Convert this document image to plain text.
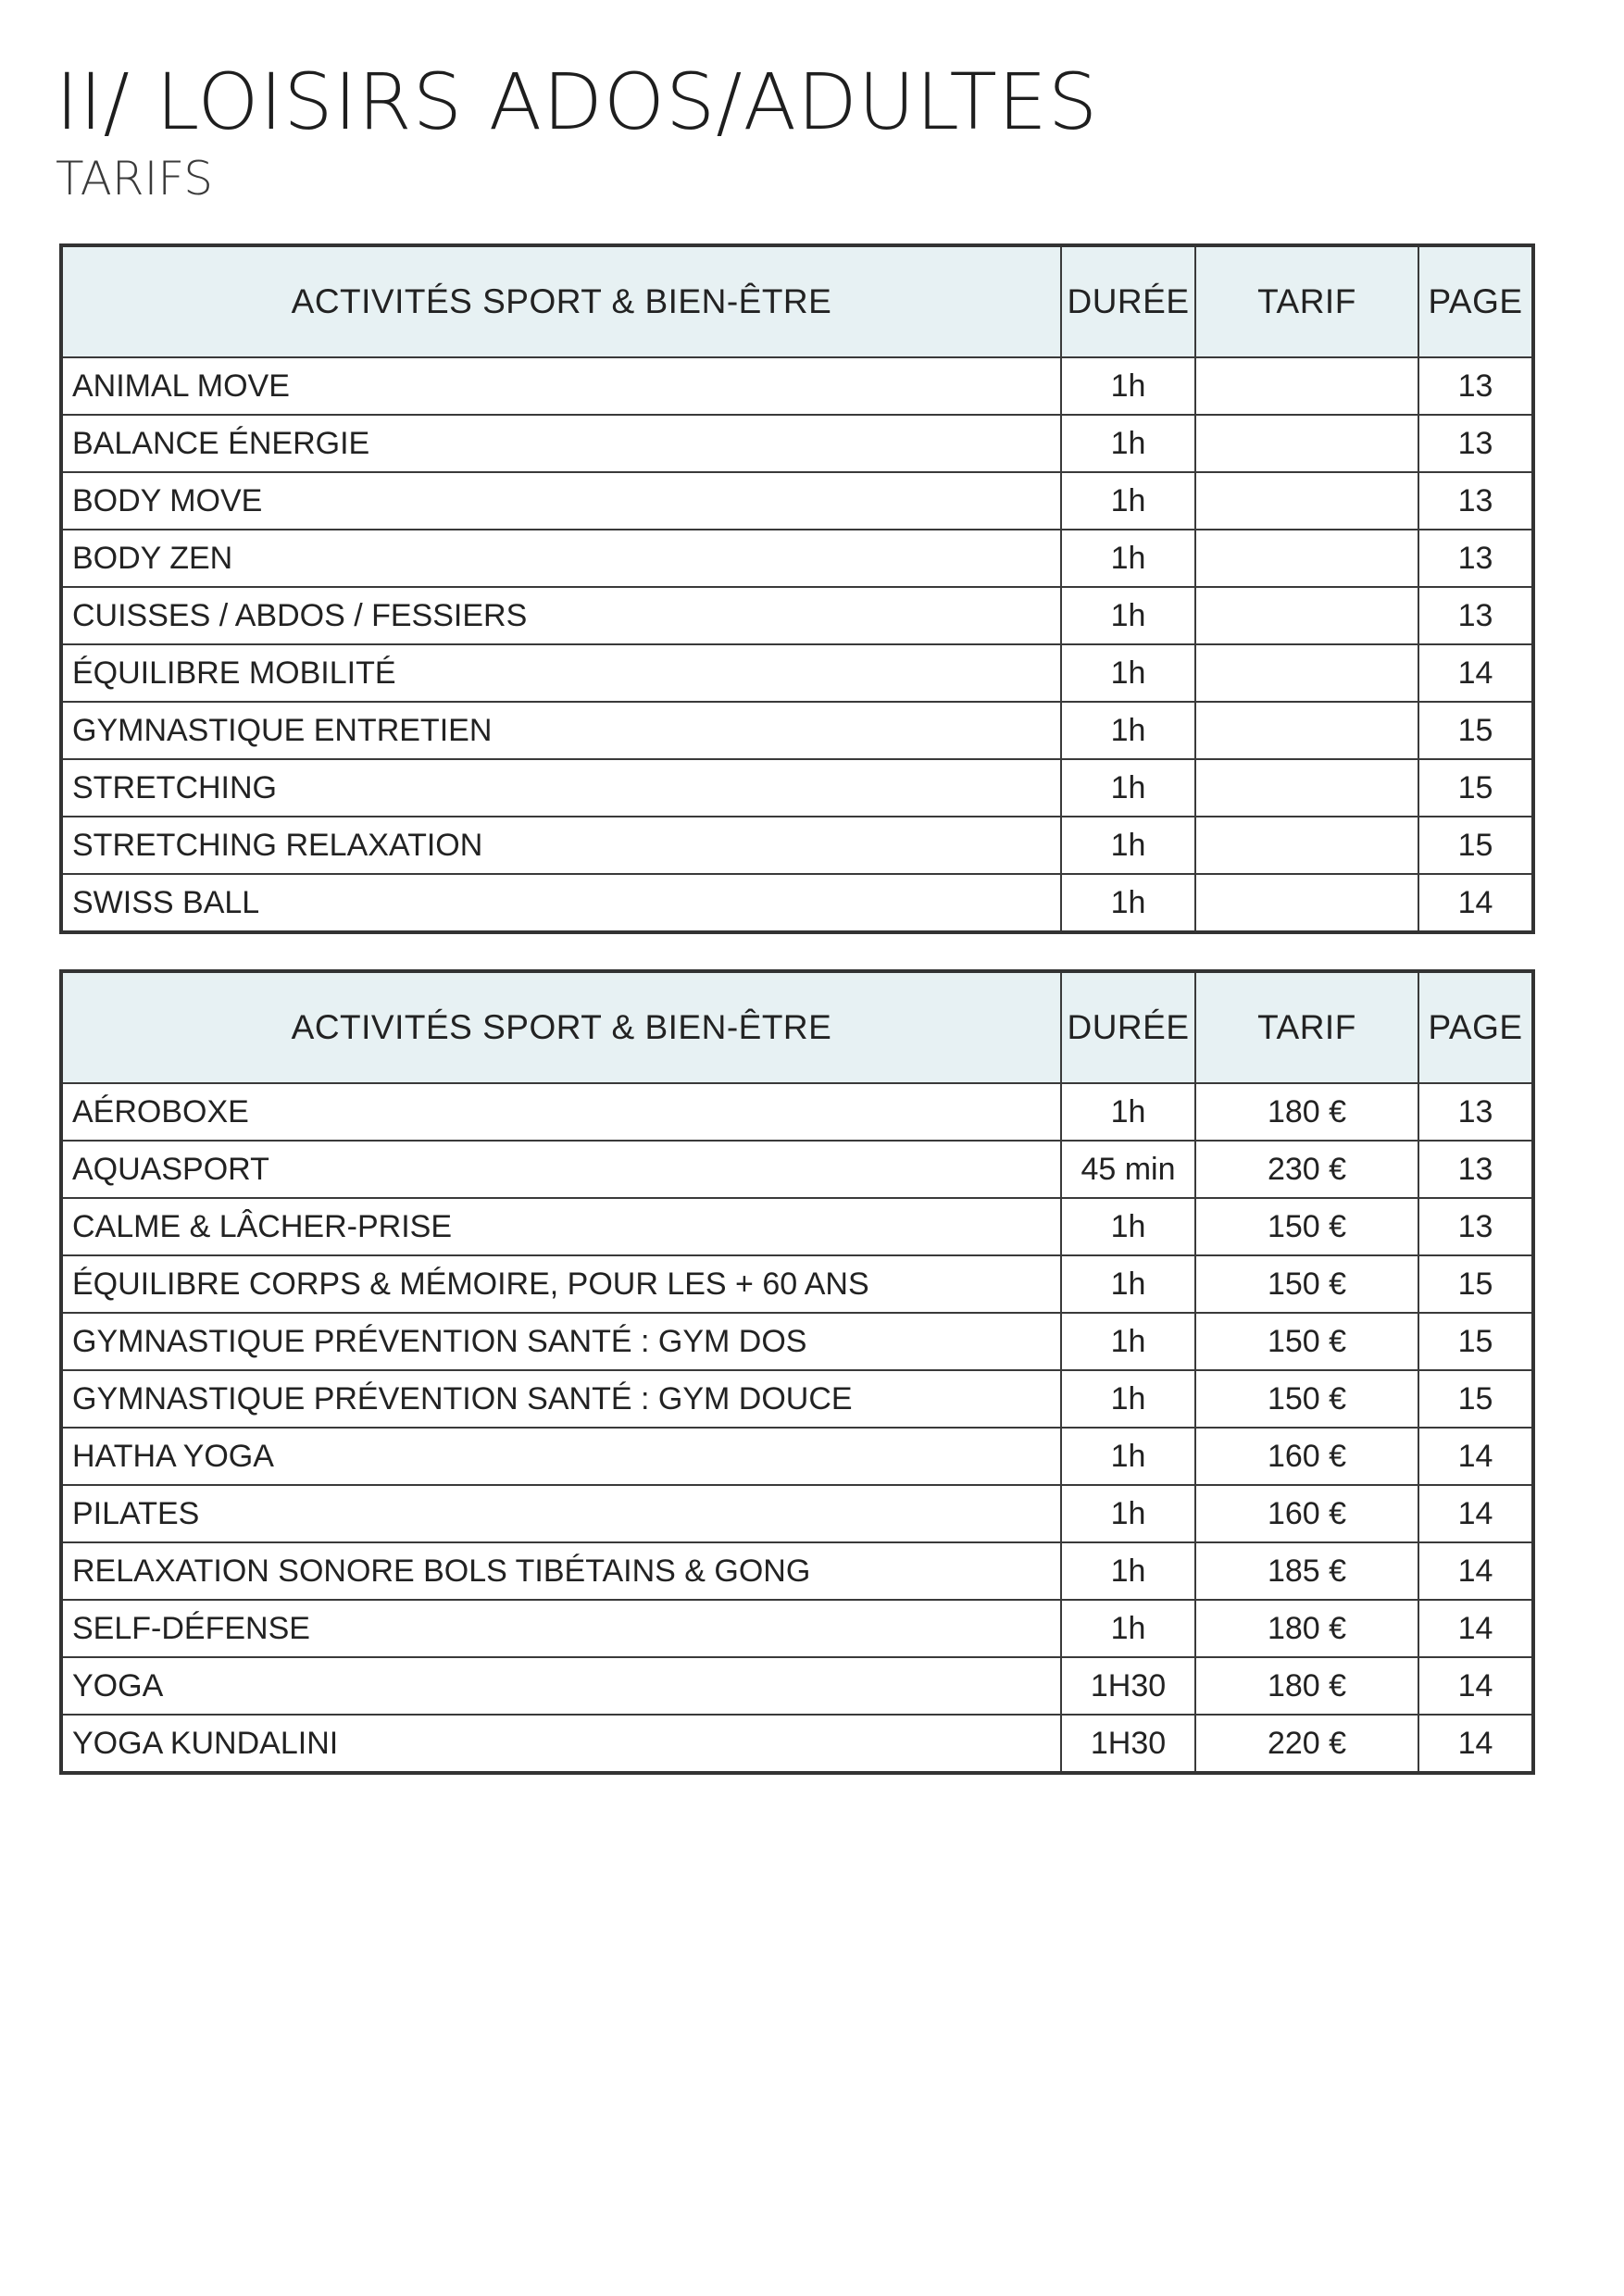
II/ LOISIRS ADOS/ADULTES
TARIFS
ACTIVITÉS SPORT & BIEN-ÊTRE	DURÉE	TARIF	PAGE
ANIMAL MOVE	1h		13
BALANCE ÉNERGIE	1h		13
BODY MOVE	1h		13
BODY ZEN	1h		13
CUISSES / ABDOS / FESSIERS	1h		13
ÉQUILIBRE MOBILITÉ	1h		14
GYMNASTIQUE ENTRETIEN	1h		15
STRETCHING	1h		15
STRETCHING RELAXATION	1h		15
SWISS BALL	1h		14
ACTIVITÉS SPORT & BIEN-ÊTRE	DURÉE	TARIF	PAGE
AÉROBOXE	1h	180 €	13
AQUASPORT	45 min	230 €	13
CALME & LÂCHER-PRISE	1h	150 €	13
ÉQUILIBRE CORPS & MÉMOIRE, POUR LES + 60 ANS	1h	150 €	15
GYMNASTIQUE PRÉVENTION SANTÉ : GYM DOS	1h	150 €	15
GYMNASTIQUE PRÉVENTION SANTÉ : GYM DOUCE	1h	150 €	15
HATHA YOGA	1h	160 €	14
PILATES	1h	160 €	14
RELAXATION SONORE BOLS TIBÉTAINS & GONG	1h	185 €	14
SELF-DÉFENSE	1h	180 €	14
YOGA	1H30	180 €	14
YOGA KUNDALINI	1H30	220 €	14
